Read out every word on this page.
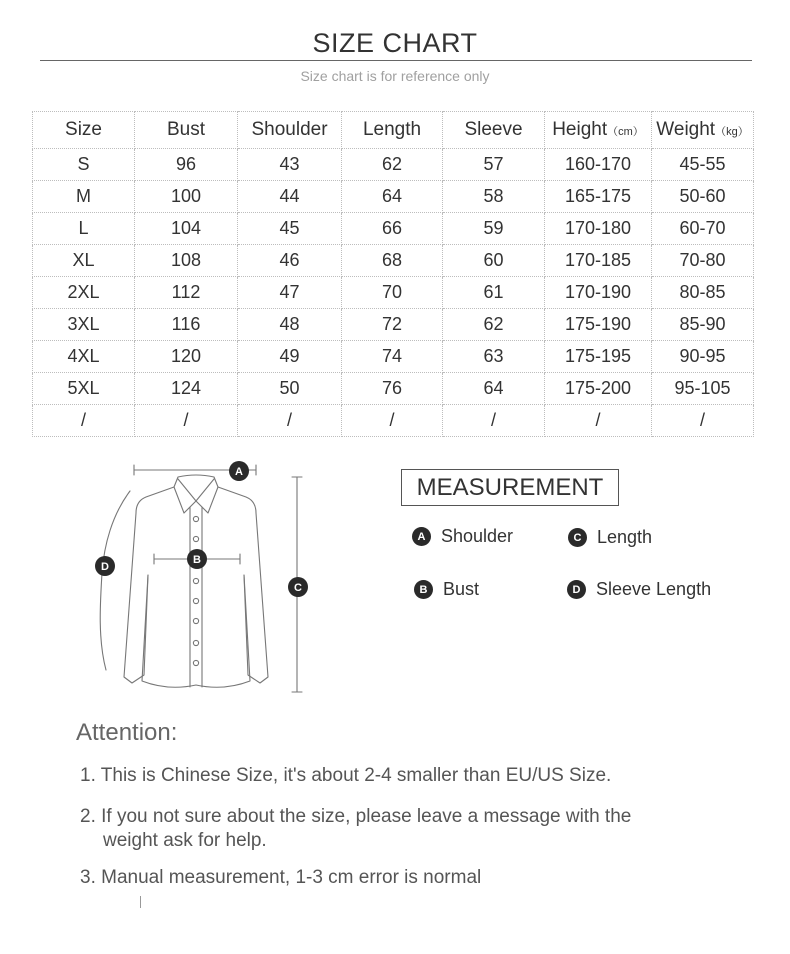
SIZE CHART
Size chart is for reference only
Size	Bust	Shoulder	Length	Sleeve	Height（cm）	Weight（kg）
S	96	43	62	57	160-170	45-55
M	100	44	64	58	165-175	50-60
L	104	45	66	59	170-180	60-70
XL	108	46	68	60	170-185	70-80
2XL	112	47	70	61	170-190	80-85
3XL	116	48	72	62	175-190	85-90
4XL	120	49	74	63	175-195	90-95
5XL	124	50	76	64	175-200	95-105
/	/	/	/	/	/	/
A
B
C
D
MEASUREMENT
A Shoulder	C Length
B Bust	D Sleeve Length
Attention:
1. This is Chinese Size, it's about 2-4 smaller than EU/US Size.
2. If you not sure about the size, please leave a message with the
weight ask for help.
3. Manual measurement, 1-3 cm error is normal
